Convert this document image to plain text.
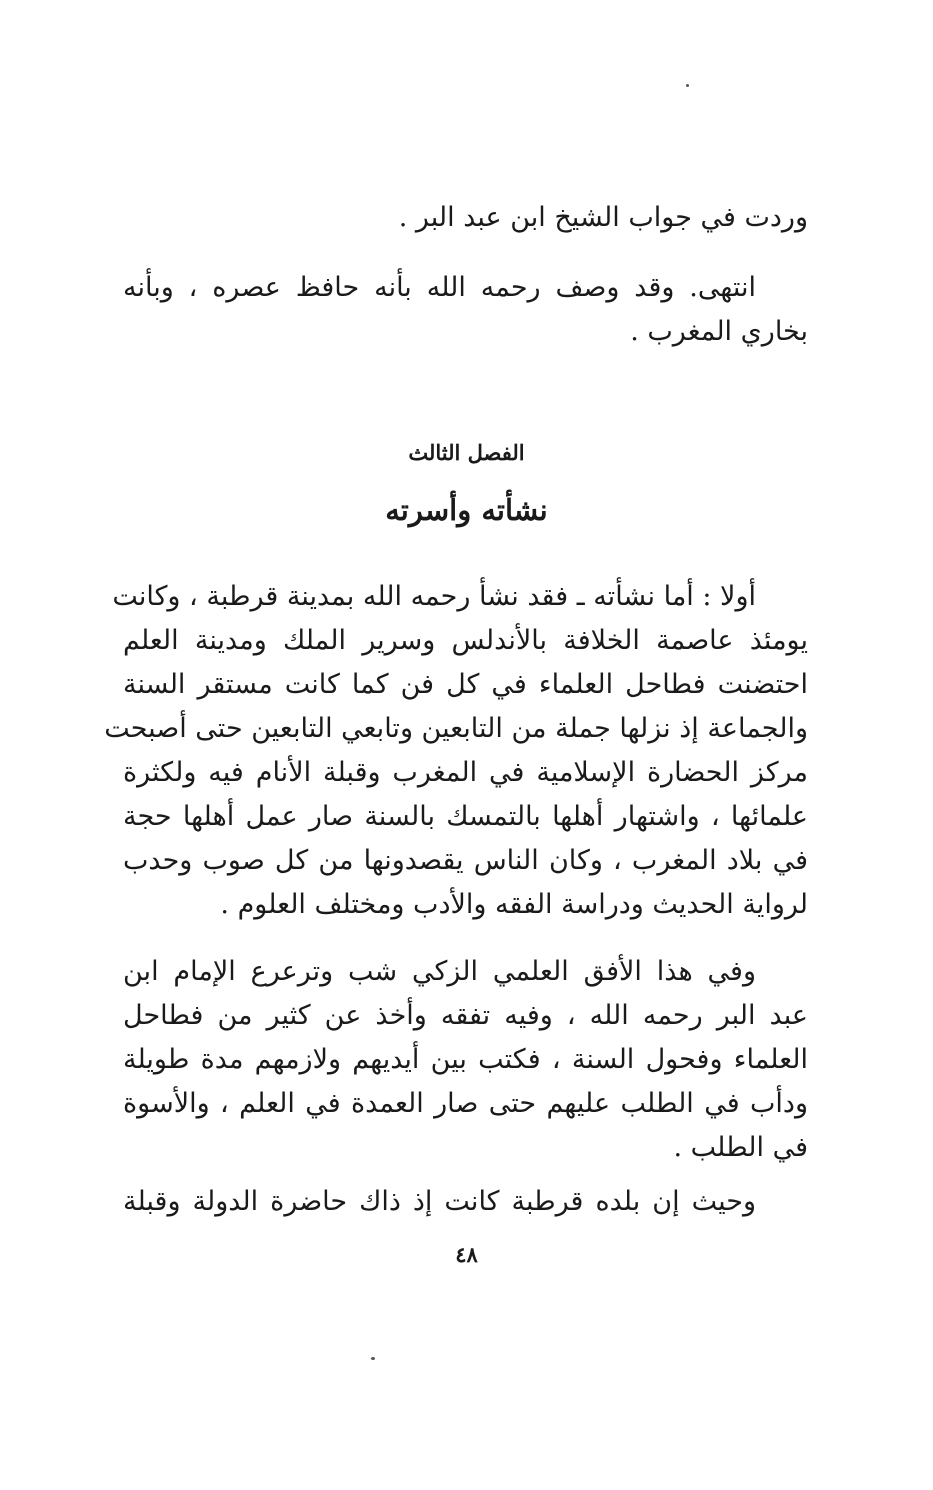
وردت في جواب الشيخ ابن عبد البر .
انتهى. وقد وصف رحمه الله بأنه حافظ عصره ، وبأنه
بخاري المغرب .
الفصل الثالث
نشأته وأسرته
أولا : أما نشأته ـ فقد نشأ رحمه الله بمدينة قرطبة ، وكانت
يومئذ عاصمة الخلافة بالأندلس وسرير الملك ومدينة العلم
احتضنت فطاحل العلماء في كل فن كما كانت مستقر السنة
والجماعة إذ نزلها جملة من التابعين وتابعي التابعين حتى أصبحت
مركز الحضارة الإسلامية في المغرب وقبلة الأنام فيه ولكثرة
علمائها ، واشتهار أهلها بالتمسك بالسنة صار عمل أهلها حجة
في بلاد المغرب ، وكان الناس يقصدونها من كل صوب وحدب
لرواية الحديث ودراسة الفقه والأدب ومختلف العلوم .
وفي هذا الأفق العلمي الزكي شب وترعرع الإمام ابن
عبد البر رحمه الله ، وفيه تفقه وأخذ عن كثير من فطاحل
العلماء وفحول السنة ، فكتب بين أيديهم ولازمهم مدة طويلة
ودأب في الطلب عليهم حتى صار العمدة في العلم ، والأسوة
في الطلب .
وحيث إن بلده قرطبة كانت إذ ذاك حاضرة الدولة وقبلة
٤٨
